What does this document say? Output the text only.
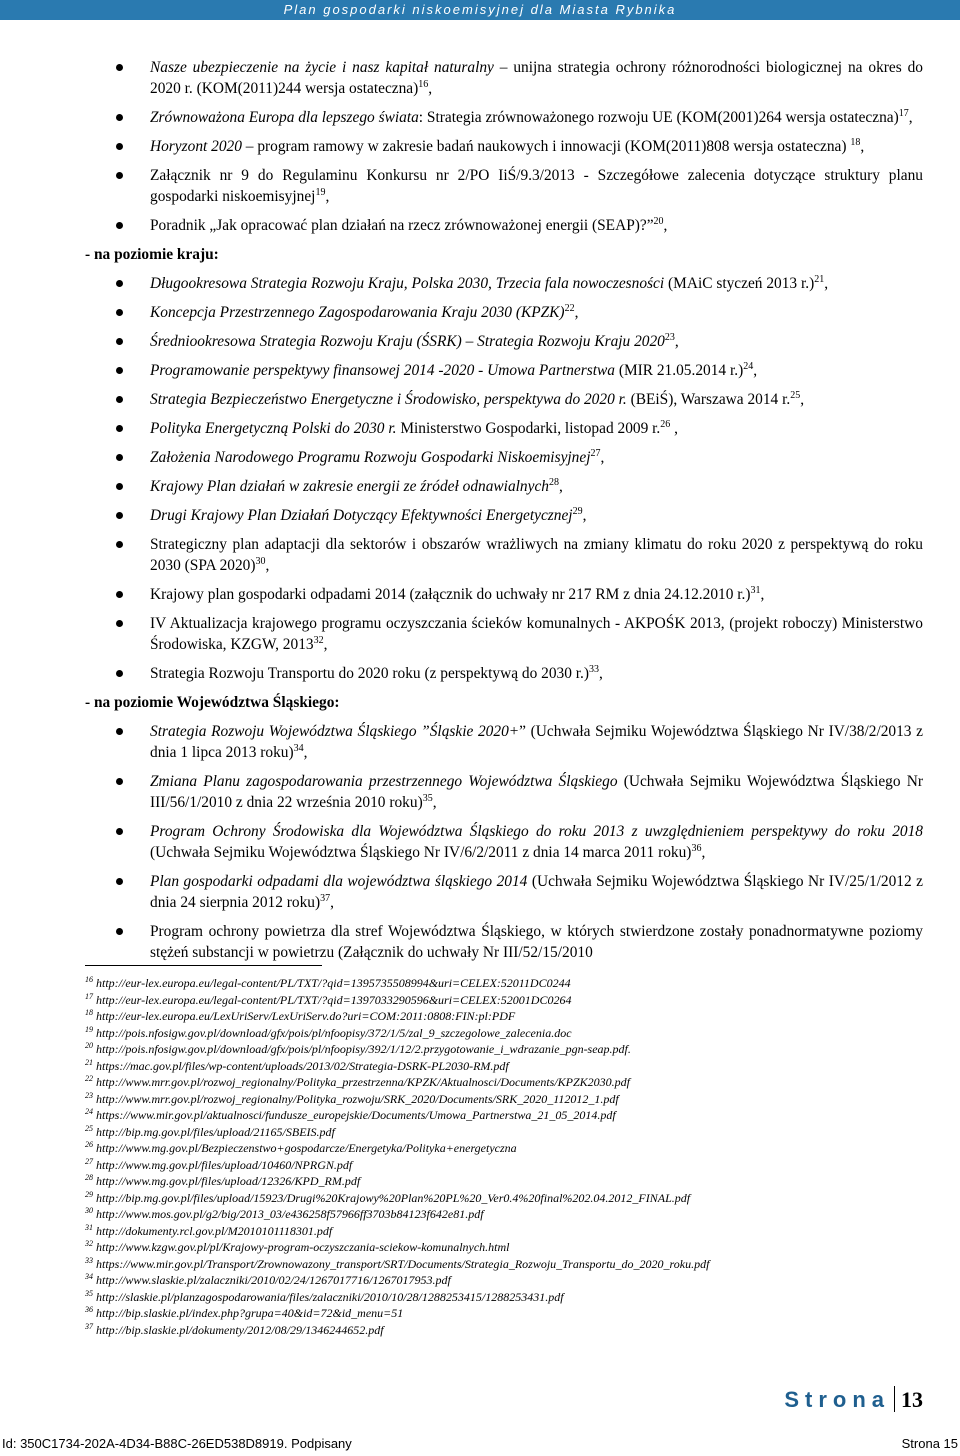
Plan gospodarki niskoemisyjnej dla Miasta Rybnika
Nasze ubezpieczenie na życie i nasz kapitał naturalny – unijna strategia ochrony różnorodności biologicznej na okres do 2020 r. (KOM(2011)244 wersja ostateczna)$^{16}$,
Zrównoważona Europa dla lepszego świata: Strategia zrównoważonego rozwoju UE (KOM(2001)264 wersja ostateczna)$^{17}$,
Horyzont 2020 – program ramowy w zakresie badań naukowych i innowacji (KOM(2011)808 wersja ostateczna) $^{18}$,
Załącznik nr 9 do Regulaminu Konkursu nr 2/PO IiŚ/9.3/2013 - Szczegółowe zalecenia dotyczące struktury planu gospodarki niskoemisyjnej$^{19}$,
Poradnik „Jak opracować plan działań na rzecz zrównoważonej energii (SEAP)?”$^{20}$,
- na poziomie kraju:
Długookresowa Strategia Rozwoju Kraju, Polska 2030, Trzecia fala nowoczesności (MAiC styczeń 2013 r.)$^{21}$,
Koncepcja Przestrzennego Zagospodarowania Kraju 2030 (KPZK)$^{22}$,
Średniookresowa Strategia Rozwoju Kraju (ŚSRK) – Strategia Rozwoju Kraju 2020$^{23}$,
Programowanie perspektywy finansowej 2014 -2020 - Umowa Partnerstwa (MIR 21.05.2014 r.)$^{24}$,
Strategia Bezpieczeństwo Energetyczne i Środowisko, perspektywa do 2020 r. (BEiŚ), Warszawa 2014 r.$^{25}$,
Polityka Energetyczną Polski do 2030 r. Ministerstwo Gospodarki, listopad 2009 r.$^{26}$ ,
Założenia Narodowego Programu Rozwoju Gospodarki Niskoemisyjnej$^{27}$,
Krajowy Plan działań w zakresie energii ze źródeł odnawialnych$^{28}$,
Drugi Krajowy Plan Działań Dotyczący Efektywności Energetycznej$^{29}$,
Strategiczny plan adaptacji dla sektorów i obszarów wrażliwych na zmiany klimatu do roku 2020 z perspektywą do roku 2030 (SPA 2020)$^{30}$,
Krajowy plan gospodarki odpadami 2014 (załącznik do uchwały nr 217 RM z dnia 24.12.2010 r.)$^{31}$,
IV Aktualizacja krajowego programu oczyszczania ścieków komunalnych - AKPOŚK 2013, (projekt roboczy) Ministerstwo Środowiska, KZGW, 2013$^{32}$,
Strategia Rozwoju Transportu do 2020 roku (z perspektywą do 2030 r.)$^{33}$,
- na poziomie Województwa Śląskiego:
Strategia Rozwoju Województwa Śląskiego ”Śląskie 2020+” (Uchwała Sejmiku Województwa Śląskiego Nr IV/38/2/2013 z dnia 1 lipca 2013 roku)$^{34}$,
Zmiana Planu zagospodarowania przestrzennego Województwa Śląskiego (Uchwała Sejmiku Województwa Śląskiego Nr III/56/1/2010 z dnia 22 września 2010 roku)$^{35}$,
Program Ochrony Środowiska dla Województwa Śląskiego do roku 2013 z uwzględnieniem perspektywy do roku 2018 (Uchwała Sejmiku Województwa Śląskiego Nr IV/6/2/2011 z dnia 14 marca 2011 roku)$^{36}$,
Plan gospodarki odpadami dla województwa śląskiego 2014 (Uchwała Sejmiku Województwa Śląskiego Nr IV/25/1/2012 z dnia 24 sierpnia 2012 roku)$^{37}$,
Program ochrony powietrza dla stref Województwa Śląskiego, w których stwierdzone zostały ponadnormatywne poziomy stężeń substancji w powietrzu (Załącznik do uchwały Nr III/52/15/2010
$^{16}$ http://eur-lex.europa.eu/legal-content/PL/TXT/?qid=1395735508994&uri=CELEX:52011DC0244
$^{17}$ http://eur-lex.europa.eu/legal-content/PL/TXT/?qid=1397033290596&uri=CELEX:52001DC0264
$^{18}$ http://eur-lex.europa.eu/LexUriServ/LexUriServ.do?uri=COM:2011:0808:FIN:pl:PDF
$^{19}$ http://pois.nfosigw.gov.pl/download/gfx/pois/pl/nfoopisy/372/1/5/zal_9_szczegolowe_zalecenia.doc
$^{20}$ http://pois.nfosigw.gov.pl/download/gfx/pois/pl/nfoopisy/392/1/12/2.przygotowanie_i_wdrazanie_pgn-seap.pdf.
$^{21}$ https://mac.gov.pl/files/wp-content/uploads/2013/02/Strategia-DSRK-PL2030-RM.pdf
$^{22}$ http://www.mrr.gov.pl/rozwoj_regionalny/Polityka_przestrzenna/KPZK/Aktualnosci/Documents/KPZK2030.pdf
$^{23}$ http://www.mrr.gov.pl/rozwoj_regionalny/Polityka_rozwoju/SRK_2020/Documents/SRK_2020_112012_1.pdf
$^{24}$ https://www.mir.gov.pl/aktualnosci/fundusze_europejskie/Documents/Umowa_Partnerstwa_21_05_2014.pdf
$^{25}$ http://bip.mg.gov.pl/files/upload/21165/SBEIS.pdf
$^{26}$ http://www.mg.gov.pl/Bezpieczenstwo+gospodarcze/Energetyka/Polityka+energetyczna
$^{27}$ http://www.mg.gov.pl/files/upload/10460/NPRGN.pdf
$^{28}$ http://www.mg.gov.pl/files/upload/12326/KPD_RM.pdf
$^{29}$ http://bip.mg.gov.pl/files/upload/15923/Drugi%20Krajowy%20Plan%20PL%20_Ver0.4%20final%202.04.2012_FINAL.pdf
$^{30}$ http://www.mos.gov.pl/g2/big/2013_03/e436258f57966ff3703b84123f642e81.pdf
$^{31}$ http://dokumenty.rcl.gov.pl/M2010101118301.pdf
$^{32}$ http://www.kzgw.gov.pl/pl/Krajowy-program-oczyszczania-sciekow-komunalnych.html
$^{33}$ https://www.mir.gov.pl/Transport/Zrownowazony_transport/SRT/Documents/Strategia_Rozwoju_Transportu_do_2020_roku.pdf
$^{34}$ http://www.slaskie.pl/zalaczniki/2010/02/24/1267017716/1267017953.pdf
$^{35}$ http://slaskie.pl/planzagospodarowania/files/zalaczniki/2010/10/28/1288253415/1288253431.pdf
$^{36}$ http://bip.slaskie.pl/index.php?grupa=40&id=72&id_menu=51
$^{37}$ http://bip.slaskie.pl/dokumenty/2012/08/29/1346244652.pdf
Strona 13
Id: 350C1734-202A-4D34-B88C-26ED538D8919. Podpisany	Strona 15
